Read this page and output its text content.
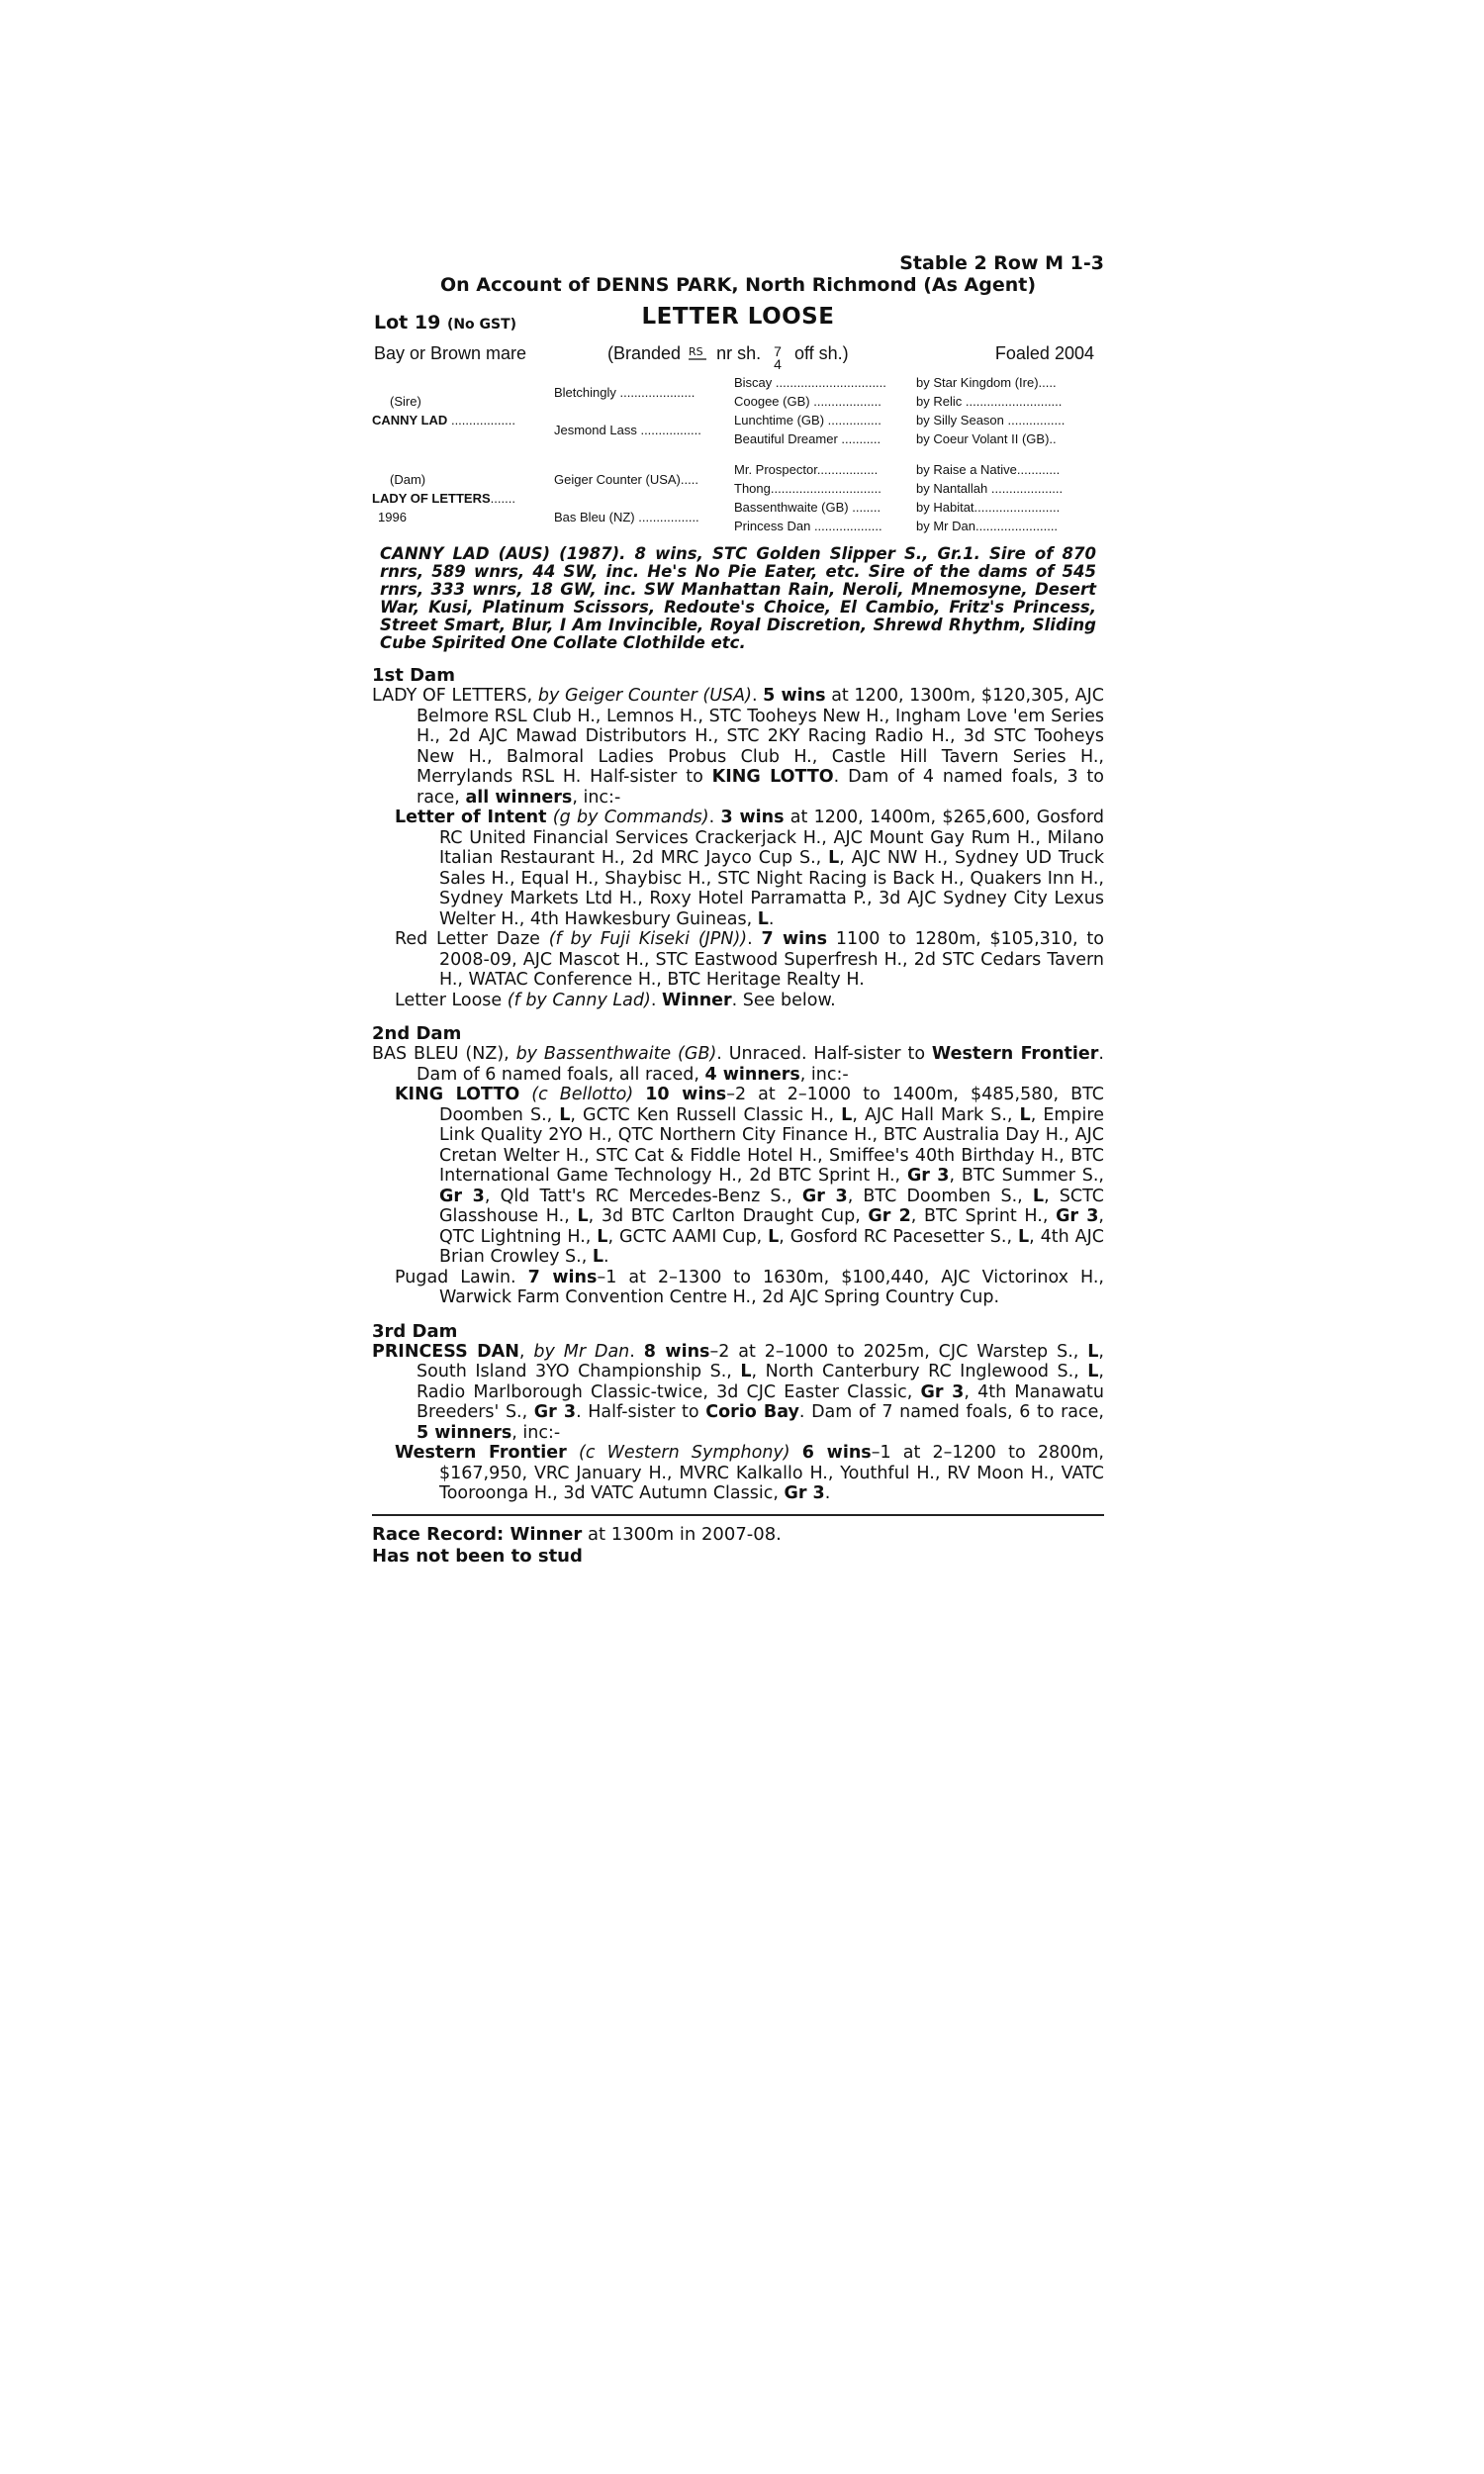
Stable 2 Row M 1-3
On Account of DENNS PARK, North Richmond (As Agent)
Lot 19 (No GST)	LETTER LOOSE
Bay or Brown mare	(Branded RS nr sh. 7
4 off sh.)	Foaled 2004
(Sire)
CANNY LAD ..................	Bletchingly .....................	Biscay ...............................	by Star Kingdom (Ire).....
		Coogee (GB) ...................	by Relic ...........................
	Jesmond Lass .................	Lunchtime (GB) ...............	by Silly Season ................
		Beautiful Dreamer ...........	by Coeur Volant II (GB)..

(Dam)
LADY OF LETTERS.......
1996	Geiger Counter (USA).....	Mr. Prospector.................	by Raise a Native............
		Thong...............................	by Nantallah ....................
	Bas Bleu (NZ) .................	Bassenthwaite (GB) ........	by Habitat........................
		Princess Dan ...................	by Mr Dan.......................
CANNY LAD (AUS) (1987). 8 wins, STC Golden Slipper S., Gr.1. Sire of 870 rnrs, 589 wnrs, 44 SW, inc. He's No Pie Eater, etc. Sire of the dams of 545 rnrs, 333 wnrs, 18 GW, inc. SW Manhattan Rain, Neroli, Mnemosyne, Desert War, Kusi, Platinum Scissors, Redoute's Choice, El Cambio, Fritz's Princess, Street Smart, Blur, I Am Invincible, Royal Discretion, Shrewd Rhythm, Sliding Cube Spirited One Collate Clothilde etc.
1st Dam
LADY OF LETTERS, by Geiger Counter (USA). 5 wins at 1200, 1300m, $120,305, AJC Belmore RSL Club H., Lemnos H., STC Tooheys New H., Ingham Love 'em Series H., 2d AJC Mawad Distributors H., STC 2KY Racing Radio H., 3d STC Tooheys New H., Balmoral Ladies Probus Club H., Castle Hill Tavern Series H., Merrylands RSL H. Half-sister to KING LOTTO. Dam of 4 named foals, 3 to race, all winners, inc:-
Letter of Intent (g by Commands). 3 wins at 1200, 1400m, $265,600, Gosford RC United Financial Services Crackerjack H., AJC Mount Gay Rum H., Milano Italian Restaurant H., 2d MRC Jayco Cup S., L, AJC NW H., Sydney UD Truck Sales H., Equal H., Shaybisc H., STC Night Racing is Back H., Quakers Inn H., Sydney Markets Ltd H., Roxy Hotel Parramatta P., 3d AJC Sydney City Lexus Welter H., 4th Hawkesbury Guineas, L.
Red Letter Daze (f by Fuji Kiseki (JPN)). 7 wins 1100 to 1280m, $105,310, to 2008-09, AJC Mascot H., STC Eastwood Superfresh H., 2d STC Cedars Tavern H., WATAC Conference H., BTC Heritage Realty H.
Letter Loose (f by Canny Lad). Winner. See below.
2nd Dam
BAS BLEU (NZ), by Bassenthwaite (GB). Unraced. Half-sister to Western Frontier. Dam of 6 named foals, all raced, 4 winners, inc:-
KING LOTTO (c Bellotto) 10 wins–2 at 2–1000 to 1400m, $485,580, BTC Doomben S., L, GCTC Ken Russell Classic H., L, AJC Hall Mark S., L, Empire Link Quality 2YO H., QTC Northern City Finance H., BTC Australia Day H., AJC Cretan Welter H., STC Cat & Fiddle Hotel H., Smiffee's 40th Birthday H., BTC International Game Technology H., 2d BTC Sprint H., Gr 3, BTC Summer S., Gr 3, Qld Tatt's RC Mercedes-Benz S., Gr 3, BTC Doomben S., L, SCTC Glasshouse H., L, 3d BTC Carlton Draught Cup, Gr 2, BTC Sprint H., Gr 3, QTC Lightning H., L, GCTC AAMI Cup, L, Gosford RC Pacesetter S., L, 4th AJC Brian Crowley S., L.
Pugad Lawin. 7 wins–1 at 2–1300 to 1630m, $100,440, AJC Victorinox H., Warwick Farm Convention Centre H., 2d AJC Spring Country Cup.
3rd Dam
PRINCESS DAN, by Mr Dan. 8 wins–2 at 2–1000 to 2025m, CJC Warstep S., L, South Island 3YO Championship S., L, North Canterbury RC Inglewood S., L, Radio Marlborough Classic-twice, 3d CJC Easter Classic, Gr 3, 4th Manawatu Breeders' S., Gr 3. Half-sister to Corio Bay. Dam of 7 named foals, 6 to race, 5 winners, inc:-
Western Frontier (c Western Symphony) 6 wins–1 at 2–1200 to 2800m, $167,950, VRC January H., MVRC Kalkallo H., Youthful H., RV Moon H., VATC Tooroonga H., 3d VATC Autumn Classic, Gr 3.
Race Record: Winner at 1300m in 2007-08.
Has not been to stud
